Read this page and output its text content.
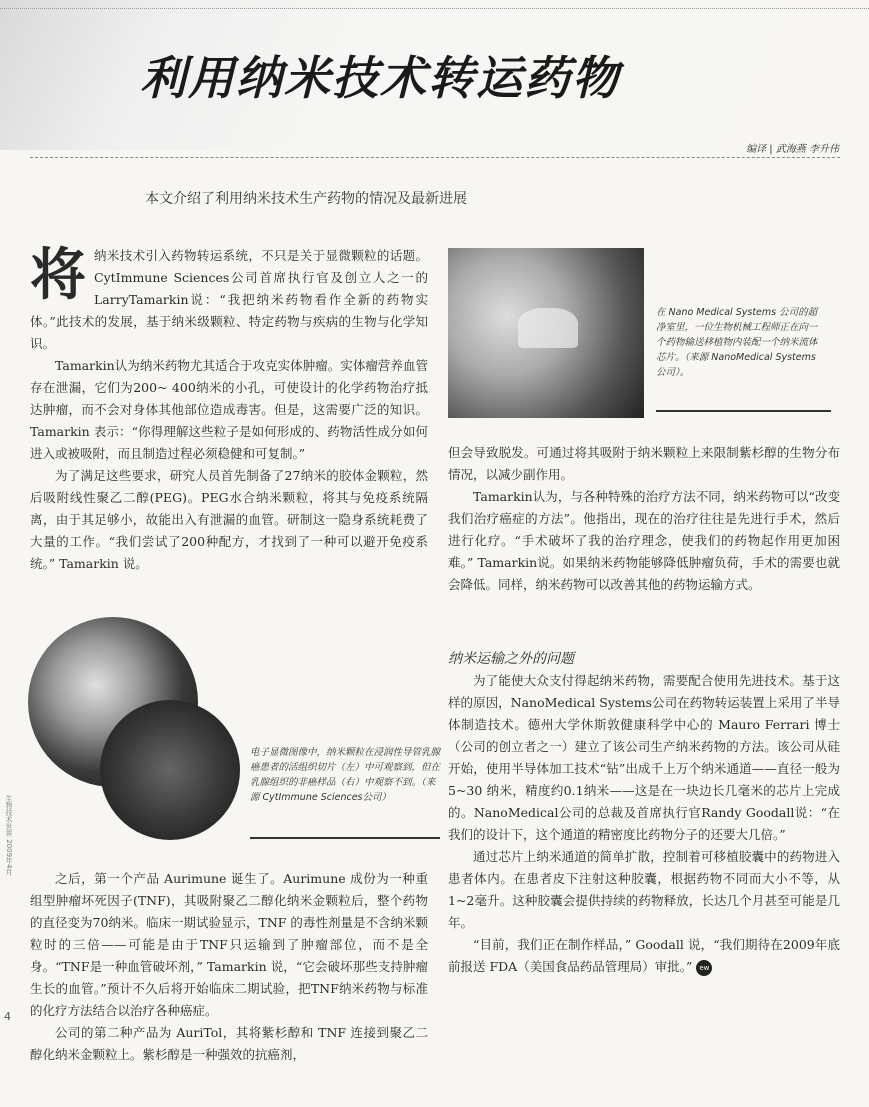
利用纳米技术转运药物
编译 | 武海燕 李升伟
本文介绍了利用纳米技术生产药物的情况及最新进展

将纳米技术引入药物转运系统，不只是关于显微颗粒的话题。CytImmune Sciences公司首席执行官及创立人之一的LarryTamarkin说：“我把纳米药物看作全新的药物实体。”此技术的发展，基于纳米级颗粒、特定药物与疾病的生物与化学知识。

Tamarkin认为纳米药物尤其适合于攻克实体肿瘤。实体瘤营养血管存在泄漏，它们为200~ 400纳米的小孔，可使设计的化学药物治疗抵达肿瘤，而不会对身体其他部位造成毒害。但是，这需要广泛的知识。Tamarkin 表示：“你得理解这些粒子是如何形成的、药物活性成分如何进入或被吸附，而且制造过程必须稳健和可复制。”

为了满足这些要求，研究人员首先制备了27纳米的胶体金颗粒，然后吸附线性聚乙二醇(PEG)。PEG水合纳米颗粒，将其与免疫系统隔离，由于其足够小，故能出入有泄漏的血管。研制这一隐身系统耗费了大量的工作。“我们尝试了200种配方，才找到了一种可以避开免疫系统。” Tamarkin 说。

在 Nano Medical Systems 公司的超净室里，一位生物机械工程师正在向一个药物输送移植物内装配一个纳米流体芯片。（来源 NanoMedical Systems 公司）。

但会导致脱发。可通过将其吸附于纳米颗粒上来限制紫杉醇的生物分布情况，以减少副作用。

Tamarkin认为，与各种特殊的治疗方法不同，纳米药物可以“改变我们治疗癌症的方法”。他指出，现在的治疗往往是先进行手术，然后进行化疗。“手术破坏了我的治疗理念，使我们的药物起作用更加困难。” Tamarkin说。如果纳米药物能够降低肿瘤负荷，手术的需要也就会降低。同样，纳米药物可以改善其他的药物运输方式。

电子显微图像中，纳米颗粒在浸润性导管乳腺癌患者的活组织切片（左）中可观察到，但在乳腺组织的非癌样品（右）中观察不到。（来源 CytImmune Sciences公司）

纳米运输之外的问题

为了能使大众支付得起纳米药物，需要配合使用先进技术。基于这样的原因，NanoMedical Systems公司在药物转运装置上采用了半导体制造技术。德州大学休斯敦健康科学中心的 Mauro Ferrari 博士（公司的创立者之一）建立了该公司生产纳米药物的方法。该公司从硅开始，使用半导体加工技术“钻”出成千上万个纳米通道——直径一般为 5~30 纳米，精度约0.1纳米——这是在一块边长几毫米的芯片上完成的。NanoMedical公司的总裁及首席执行官Randy Goodall说：“在我们的设计下，这个通道的精密度比药物分子的还要大几倍。”

通过芯片上纳米通道的简单扩散，控制着可移植胶囊中的药物进入患者体内。在患者皮下注射这种胶囊，根据药物不同而大小不等，从1~2毫升。这种胶囊会提供持续的药物释放，长达几个月甚至可能是几年。

“目前，我们正在制作样品，” Goodall 说，“我们期待在2009年底前报送 FDA（美国食品药品管理局）审批。” ew

之后，第一个产品 Aurimune 诞生了。Aurimune 成份为一种重组型肿瘤坏死因子(TNF)，其吸附聚乙二醇化纳米金颗粒后，整个药物的直径变为70纳米。临床一期试验显示，TNF 的毒性剂量是不含纳米颗粒时的三倍——可能是由于TNF只运输到了肿瘤部位，而不是全身。“TNF是一种血管破坏剂，” Tamarkin 说，“它会破坏那些支持肿瘤生长的血管。”预计不久后将开始临床二期试验，把TNF纳米药物与标准的化疗方法结合以治疗各种癌症。

公司的第二种产品为 AuriTol，其将紫杉醇和 TNF 连接到聚乙二醇化纳米金颗粒上。紫杉醇是一种强效的抗癌剂，

生物技术世界 2009年4月
4
